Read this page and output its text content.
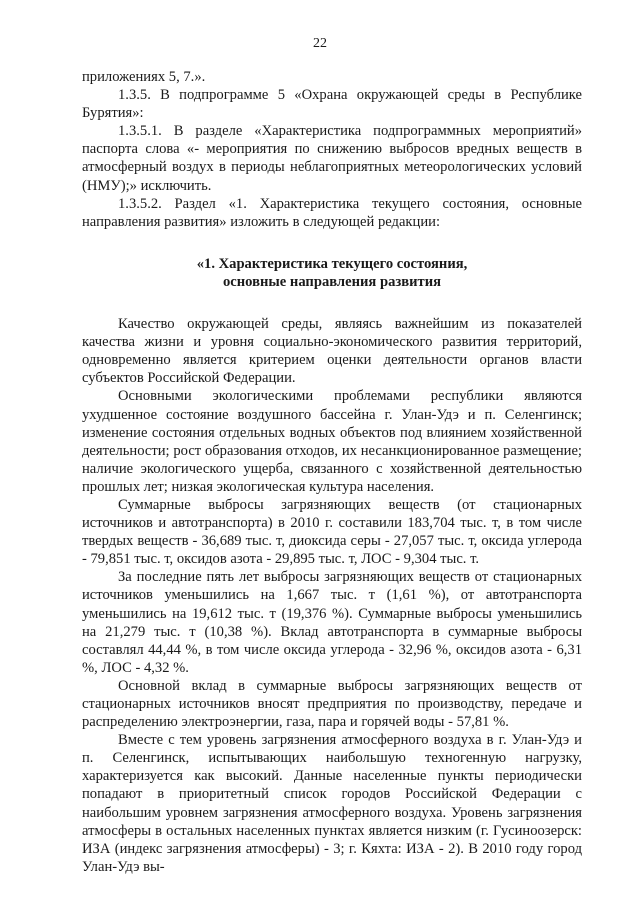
22

приложениях 5, 7.».

1.3.5. В подпрограмме 5 «Охрана окружающей среды в Республике Бурятия»:

1.3.5.1. В разделе «Характеристика подпрограммных мероприятий» паспорта слова «- мероприятия по снижению выбросов вредных веществ в атмосферный воздух в периоды неблагоприятных метеорологических условий (НМУ);» исключить.

1.3.5.2. Раздел «1. Характеристика текущего состояния, основные направления развития» изложить в следующей редакции:

«1. Характеристика текущего состояния,
основные направления развития

Качество окружающей среды, являясь важнейшим из показателей качества жизни и уровня социально-экономического развития территорий, одновременно является критерием оценки деятельности органов власти субъектов Российской Федерации.

Основными экологическими проблемами республики являются ухудшенное состояние воздушного бассейна г. Улан-Удэ и п. Селенгинск; изменение состояния отдельных водных объектов под влиянием хозяйственной деятельности; рост образования отходов, их несанкционированное размещение; наличие экологического ущерба, связанного с хозяйственной деятельностью прошлых лет; низкая экологическая культура населения.

Суммарные выбросы загрязняющих веществ (от стационарных источников и автотранспорта) в 2010 г. составили 183,704 тыс. т, в том числе твердых веществ - 36,689 тыс. т, диоксида серы - 27,057 тыс. т, оксида углерода - 79,851 тыс. т, оксидов азота - 29,895 тыс. т, ЛОС - 9,304 тыс. т.

За последние пять лет выбросы загрязняющих веществ от стационарных источников уменьшились на 1,667 тыс. т (1,61 %), от автотранспорта уменьшились на 19,612 тыс. т (19,376 %). Суммарные выбросы уменьшились на 21,279 тыс. т (10,38 %). Вклад автотранспорта в суммарные выбросы составлял 44,44 %, в том числе оксида углерода - 32,96 %, оксидов азота - 6,31 %, ЛОС - 4,32 %.

Основной вклад в суммарные выбросы загрязняющих веществ от стационарных источников вносят предприятия по производству, передаче и распределению электроэнергии, газа, пара и горячей воды - 57,81 %.

Вместе с тем уровень загрязнения атмосферного воздуха в г. Улан-Удэ и п. Селенгинск, испытывающих наибольшую техногенную нагрузку, характеризуется как высокий. Данные населенные пункты периодически попадают в приоритетный список городов Российской Федерации с наибольшим уровнем загрязнения атмосферного воздуха. Уровень загрязнения атмосферы в остальных населенных пунктах является низким (г. Гусиноозерск: ИЗА (индекс загрязнения атмосферы) - 3; г. Кяхта: ИЗА - 2). В 2010 году город Улан-Удэ вы-
